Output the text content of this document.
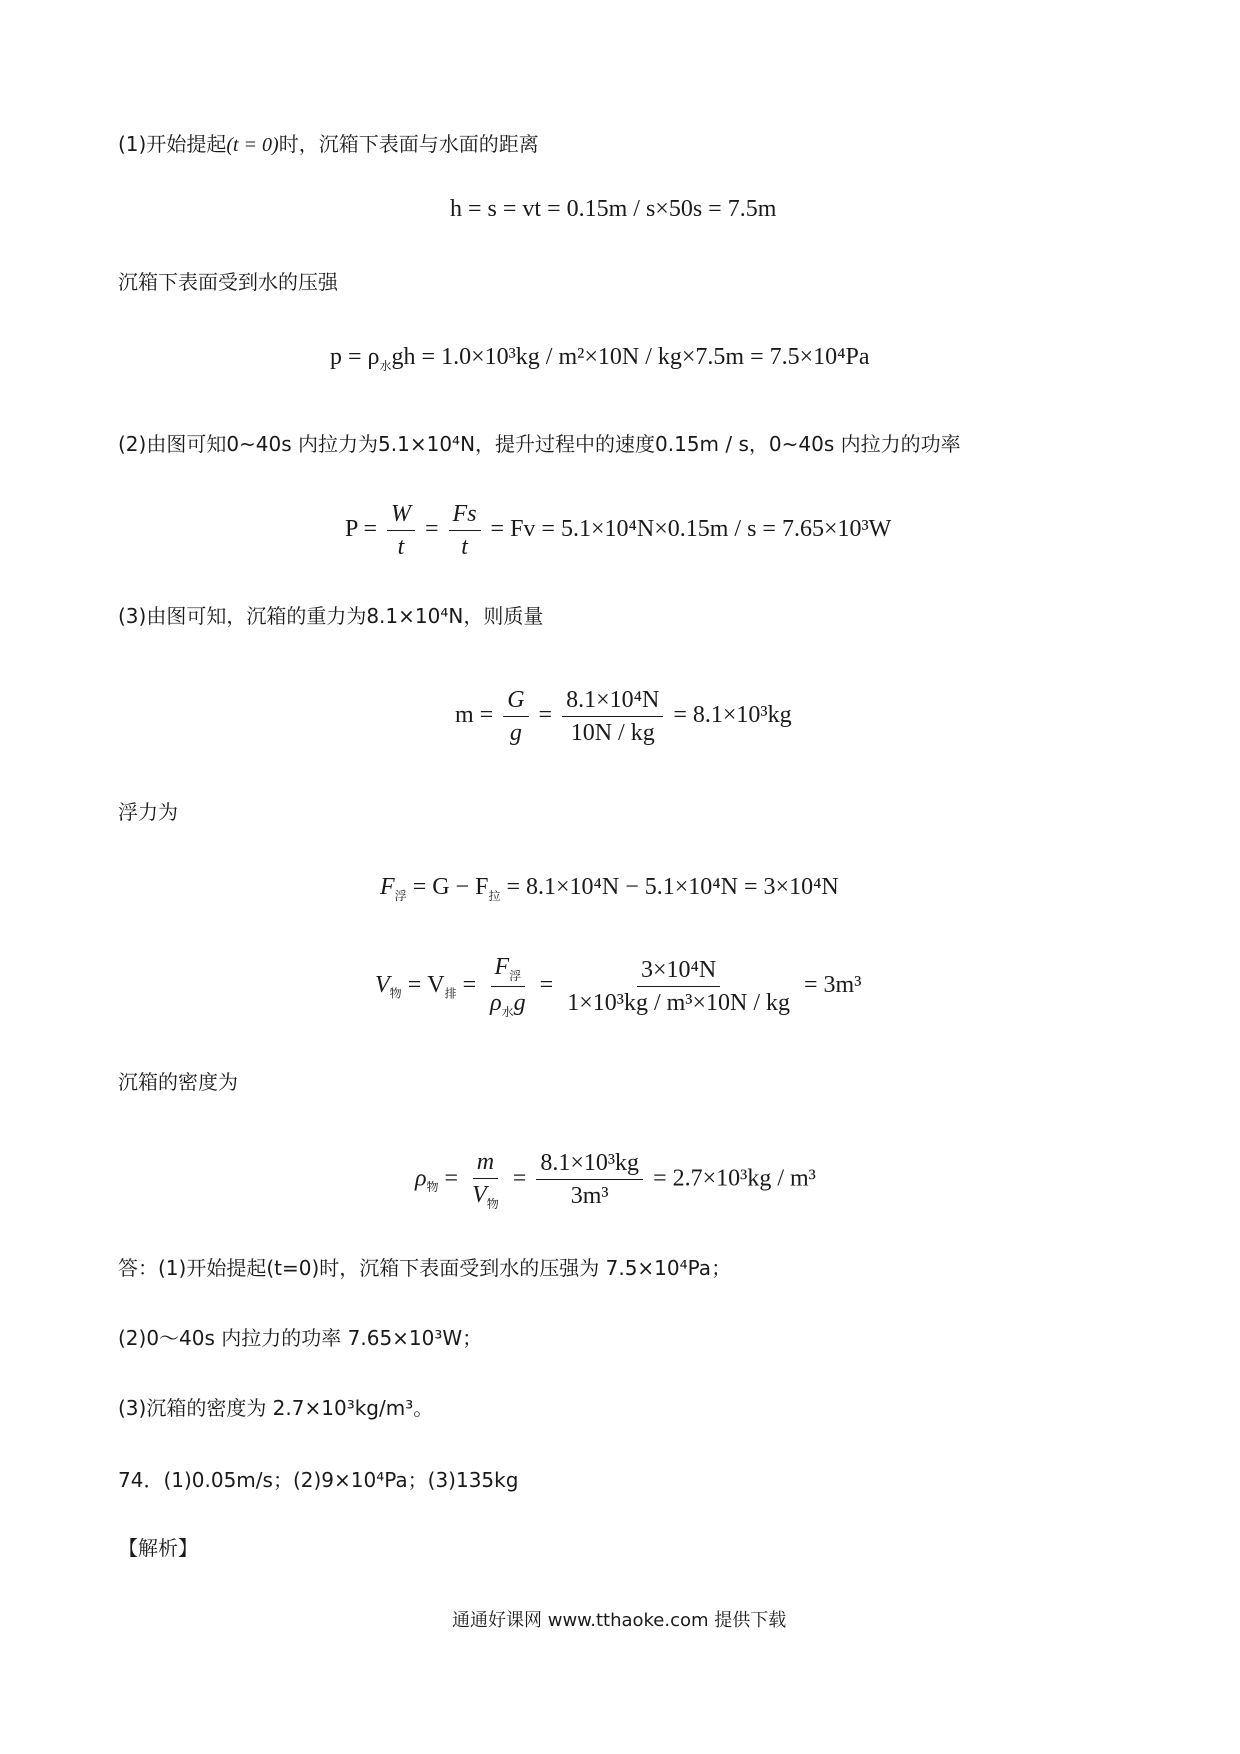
(1)开始提起(t = 0)时，沉箱下表面与水面的距离
h = s = vt = 0.15m / s×50s = 7.5m
沉箱下表面受到水的压强
$p = \rho_水gh = 1.0\times 10^3kg / m^2\times 10N / kg\times 7.5m = 7.5\times 10^4Pa$
(2)由图可知0~40s 内拉力为5.1×10⁴N，提升过程中的速度0.15m / s，0~40s 内拉力的功率
$P = \frac{W}{t} = \frac{Fs}{t} = Fv = 5.1\times 10^4N\times 0.15m / s = 7.65\times 10^3W$
(3)由图可知，沉箱的重力为8.1×10⁴N，则质量
$m = \frac{G}{g} = \frac{\text{8.1×10⁴N}}{10N / kg} = 8.1\times 10^3kg$
浮力为
$F_浮 = G - F_拉 = 8.1\times 10^4N - 5.1\times 10^4N = 3\times 10^4N$
$V_物 = V_排 = \frac{F_浮}{\rho_水g} = \frac{\text{3×10⁴N}}{\text{1×10³kg / m³×10N / kg}} = 3m^3$
沉箱的密度为
$\rho_物 = \frac{m}{V_物} = \frac{\text{8.1×10³kg}}{\text{3m³}} = 2.7\times 10^3kg / m^3$
答：(1)开始提起(t=0)时，沉箱下表面受到水的压强为 7.5×10⁴Pa；
(2)0～40s 内拉力的功率 7.65×10³W；
(3)沉箱的密度为 2.7×10³kg/m³。
74．(1)0.05m/s；(2)9×10⁴Pa；(3)135kg
【解析】
通通好课网 www.tthaoke.com 提供下载
